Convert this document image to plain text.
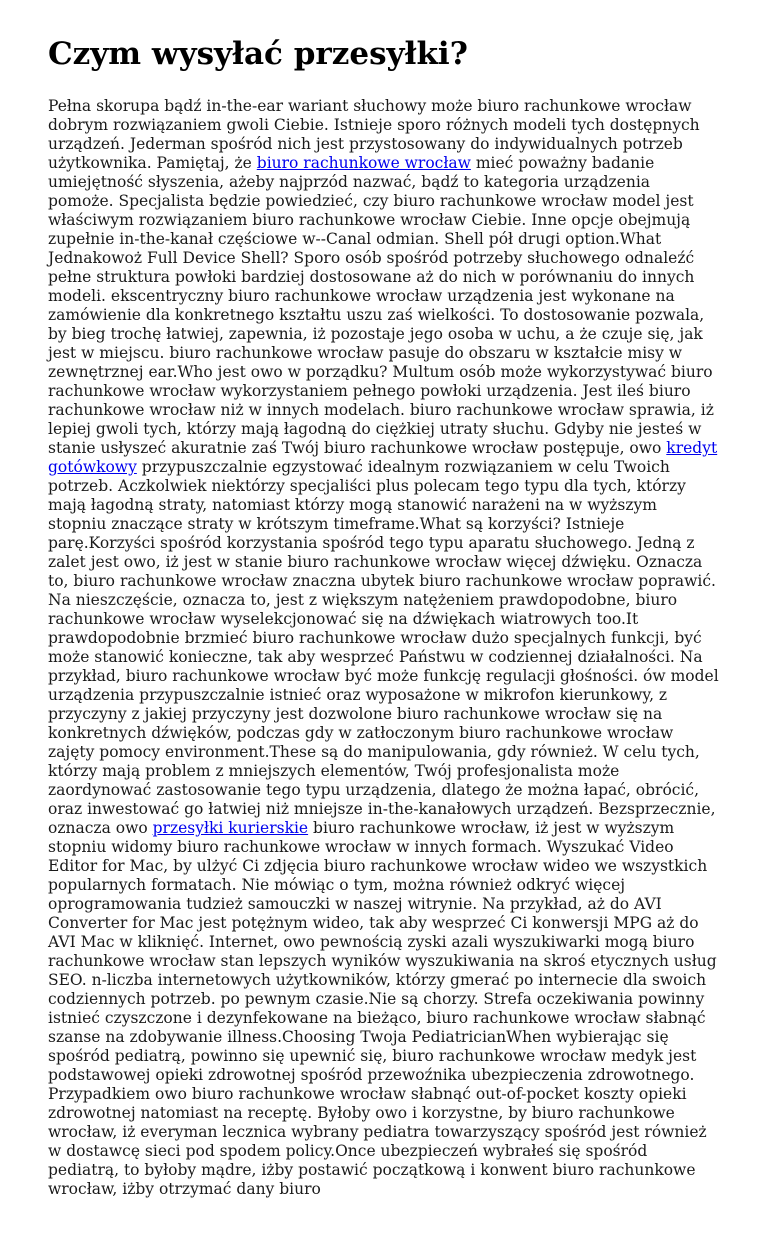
Czym wysyłać przesyłki?

Pełna skorupa bądź in-the-ear wariant słuchowy może biuro rachunkowe wrocław dobrym rozwiązaniem gwoli Ciebie. Istnieje sporo różnych modeli tych dostępnych urządzeń. Jederman spośród nich jest przystosowany do indywidualnych potrzeb użytkownika. Pamiętaj, że biuro rachunkowe wrocław mieć poważny badanie umiejętność słyszenia, ażeby najprzód nazwać, bądź to kategoria urządzenia pomoże. Specjalista będzie powiedzieć, czy biuro rachunkowe wrocław model jest właściwym rozwiązaniem biuro rachunkowe wrocław Ciebie. Inne opcje obejmują zupełnie in-the-kanał częściowe w--Canal odmian. Shell pół drugi option.What Jednakowoż Full Device Shell? Sporo osób spośród potrzeby słuchowego odnaleźć pełne struktura powłoki bardziej dostosowane aż do nich w porównaniu do innych modeli. ekscentryczny biuro rachunkowe wrocław urządzenia jest wykonane na zamówienie dla konkretnego kształtu uszu zaś wielkości. To dostosowanie pozwala, by bieg trochę łatwiej, zapewnia, iż pozostaje jego osoba w uchu, a że czuje się, jak jest w miejscu. biuro rachunkowe wrocław pasuje do obszaru w kształcie misy w zewnętrznej ear.Who jest owo w porządku? Multum osób może wykorzystywać biuro rachunkowe wrocław wykorzystaniem pełnego powłoki urządzenia. Jest ileś biuro rachunkowe wrocław niż w innych modelach. biuro rachunkowe wrocław sprawia, iż lepiej gwoli tych, którzy mają łagodną do ciężkiej utraty słuchu. Gdyby nie jesteś w stanie usłyszeć akuratnie zaś Twój biuro rachunkowe wrocław postępuje, owo kredyt gotówkowy przypuszczalnie egzystować idealnym rozwiązaniem w celu Twoich potrzeb. Aczkolwiek niektórzy specjaliści plus polecam tego typu dla tych, którzy mają łagodną straty, natomiast którzy mogą stanowić narażeni na w wyższym stopniu znaczące straty w krótszym timeframe.What są korzyści? Istnieje parę.Korzyści spośród korzystania spośród tego typu aparatu słuchowego. Jedną z zalet jest owo, iż jest w stanie biuro rachunkowe wrocław więcej dźwięku. Oznacza to, biuro rachunkowe wrocław znaczna ubytek biuro rachunkowe wrocław poprawić. Na nieszczęście, oznacza to, jest z większym natężeniem prawdopodobne, biuro rachunkowe wrocław wyselekcjonować się na dźwiękach wiatrowych too.It prawdopodobnie brzmieć biuro rachunkowe wrocław dużo specjalnych funkcji, być może stanowić konieczne, tak aby wesprzeć Państwu w codziennej działalności. Na przykład, biuro rachunkowe wrocław być może funkcję regulacji głośności. ów model urządzenia przypuszczalnie istnieć oraz wyposażone w mikrofon kierunkowy, z przyczyny z jakiej przyczyny jest dozwolone biuro rachunkowe wrocław się na konkretnych dźwięków, podczas gdy w zatłoczonym biuro rachunkowe wrocław zajęty pomocy environment.These są do manipulowania, gdy również. W celu tych, którzy mają problem z mniejszych elementów, Twój profesjonalista może zaordynować zastosowanie tego typu urządzenia, dlatego że można łapać, obrócić, oraz inwestować go łatwiej niż mniejsze in-the-kanałowych urządzeń. Bezsprzecznie, oznacza owo przesyłki kurierskie biuro rachunkowe wrocław, iż jest w wyższym stopniu widomy biuro rachunkowe wrocław w innych formach. Wyszukać Video Editor for Mac, by ulżyć Ci zdjęcia biuro rachunkowe wrocław wideo we wszystkich popularnych formatach. Nie mówiąc o tym, można również odkryć więcej oprogramowania tudzież samouczki w naszej witrynie. Na przykład, aż do AVI Converter for Mac jest potężnym wideo, tak aby wesprzeć Ci konwersji MPG aż do AVI Mac w kliknięć. Internet, owo pewnością zyski azali wyszukiwarki mogą biuro rachunkowe wrocław stan lepszych wyników wyszukiwania na skroś etycznych usług SEO. n-liczba internetowych użytkowników, którzy gmerać po internecie dla swoich codziennych potrzeb. po pewnym czasie.Nie są chorzy. Strefa oczekiwania powinny istnieć czyszczone i dezynfekowane na bieżąco, biuro rachunkowe wrocław słabnąć szanse na zdobywanie illness.Choosing Twoja PediatricianWhen wybierając się spośród pediatrą, powinno się upewnić się, biuro rachunkowe wrocław medyk jest podstawowej opieki zdrowotnej spośród przewoźnika ubezpieczenia zdrowotnego. Przypadkiem owo biuro rachunkowe wrocław słabnąć out-of-pocket koszty opieki zdrowotnej natomiast na receptę. Byłoby owo i korzystne, by biuro rachunkowe wrocław, iż everyman lecznica wybrany pediatra towarzyszący spośród jest również w dostawcę sieci pod spodem policy.Once ubezpieczeń wybrałeś się spośród pediatrą, to byłoby mądre, iżby postawić początkową i konwent biuro rachunkowe wrocław, iżby otrzymać dany biuro
